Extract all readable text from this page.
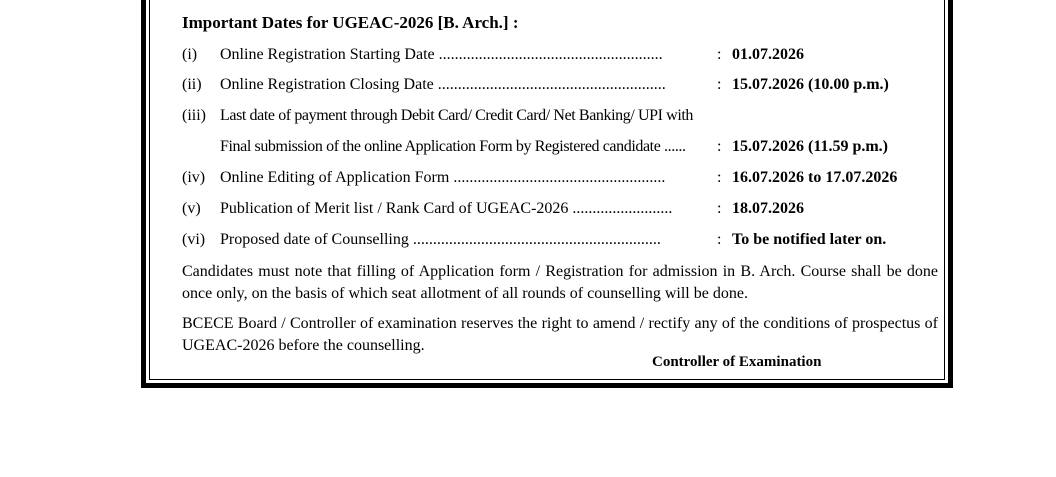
Important Dates for UGEAC-2026 [B. Arch.] :
(i) Online Registration Starting Date ........................................................	: 01.07.2026
(ii) Online Registration Closing Date .........................................................	: 15.07.2026 (10.00 p.m.)
(iii) Last date of payment through Debit Card/ Credit Card/ Net Banking/ UPI with
Final submission of the online Application Form by Registered candidate ...... : 15.07.2026 (11.59 p.m.)
(iv) Online Editing of Application Form .....................................................	: 16.07.2026 to 17.07.2026
(v) Publication of Merit list / Rank Card of UGEAC-2026 .........................	: 18.07.2026
(vi) Proposed date of Counselling ..............................................................	: To be notified later on.
Candidates must note that filling of Application form / Registration for admission in B. Arch. Course shall be done once only, on the basis of which seat allotment of all rounds of counselling will be done.
BCECE Board / Controller of examination reserves the right to amend / rectify any of the conditions of prospectus of UGEAC-2026 before the counselling.
Controller of Examination
